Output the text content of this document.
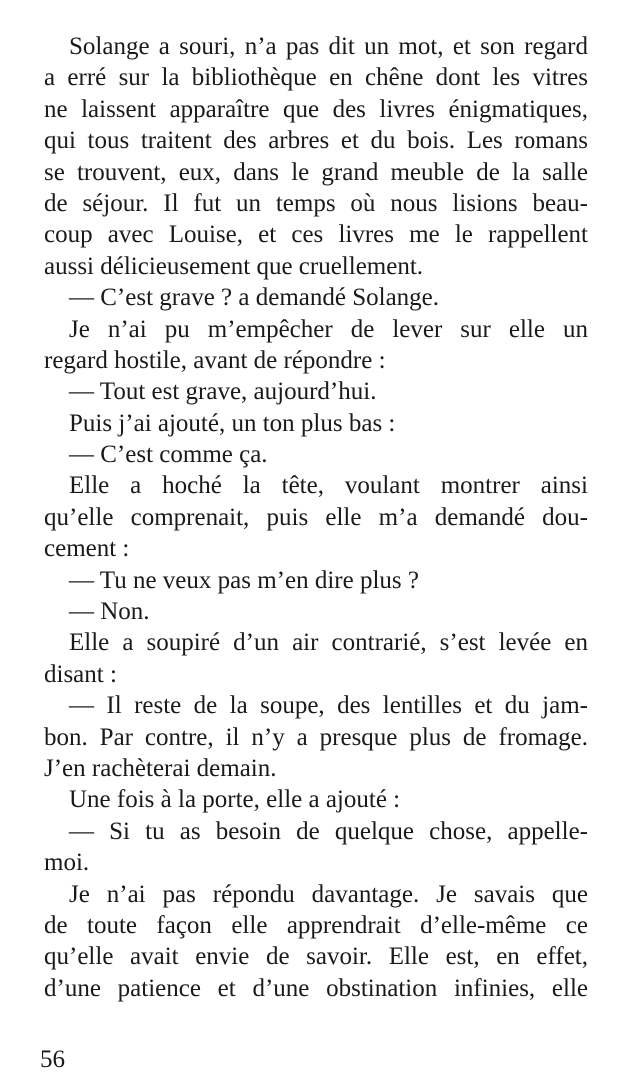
Solange a souri, n’a pas dit un mot, et son regard
a erré sur la bibliothèque en chêne dont les vitres
ne laissent apparaître que des livres énigmatiques,
qui tous traitent des arbres et du bois. Les romans
se trouvent, eux, dans le grand meuble de la salle
de séjour. Il fut un temps où nous lisions beau-
coup avec Louise, et ces livres me le rappellent
aussi délicieusement que cruellement.
— C’est grave ? a demandé Solange.
Je n’ai pu m’empêcher de lever sur elle un
regard hostile, avant de répondre :
— Tout est grave, aujourd’hui.
Puis j’ai ajouté, un ton plus bas :
— C’est comme ça.
Elle a hoché la tête, voulant montrer ainsi
qu’elle comprenait, puis elle m’a demandé dou-
cement :
— Tu ne veux pas m’en dire plus ?
— Non.
Elle a soupiré d’un air contrarié, s’est levée en
disant :
— Il reste de la soupe, des lentilles et du jam-
bon. Par contre, il n’y a presque plus de fromage.
J’en rachèterai demain.
Une fois à la porte, elle a ajouté :
— Si tu as besoin de quelque chose, appelle-
moi.
Je n’ai pas répondu davantage. Je savais que
de toute façon elle apprendrait d’elle-même ce
qu’elle avait envie de savoir. Elle est, en effet,
d’une patience et d’une obstination infinies, elle
56
